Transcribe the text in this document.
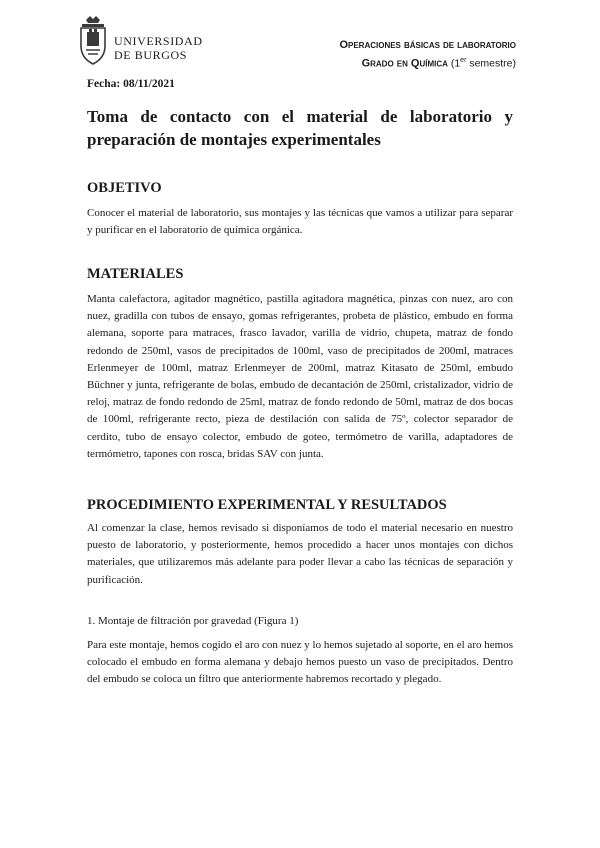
UNIVERSIDAD
DE BURGOS
Operaciones básicas de laboratorio
Grado en Química (1er semestre)
Fecha: 08/11/2021
Toma de contacto con el material de laboratorio y preparación de montajes experimentales
OBJETIVO

Conocer el material de laboratorio, sus montajes y las técnicas que vamos a utilizar para separar y purificar en el laboratorio de química orgánica.

MATERIALES

Manta calefactora, agitador magnético, pastilla agitadora magnética, pinzas con nuez, aro con nuez, gradilla con tubos de ensayo, gomas refrigerantes, probeta de plástico, embudo en forma alemana, soporte para matraces, frasco lavador, varilla de vidrio, chupeta, matraz de fondo redondo de 250ml, vasos de precipitados de 100ml, vaso de precipitados de 200ml, matraces Erlenmeyer de 100ml, matraz Erlenmeyer de 200ml, matraz Kitasato de 250ml, embudo Büchner y junta, refrigerante de bolas, embudo de decantación de 250ml, cristalizador, vidrio de reloj, matraz de fondo redondo de 25ml, matraz de fondo redondo de 50ml, matraz de dos bocas de 100ml, refrigerante recto, pieza de destilación con salida de 75º, colector separador de cerdito, tubo de ensayo colector, embudo de goteo, termómetro de varilla, adaptadores de termómetro, tapones con rosca, bridas SAV con junta.

PROCEDIMIENTO EXPERIMENTAL Y RESULTADOS

Al comenzar la clase, hemos revisado si disponíamos de todo el material necesario en nuestro puesto de laboratorio, y posteriormente, hemos procedido a hacer unos montajes con dichos materiales, que utilizaremos más adelante para poder llevar a cabo las técnicas de separación y purificación.

1. Montaje de filtración por gravedad (Figura 1)

Para este montaje, hemos cogido el aro con nuez y lo hemos sujetado al soporte, en el aro hemos colocado el embudo en forma alemana y debajo hemos puesto un vaso de precipitados. Dentro del embudo se coloca un filtro que anteriormente habremos recortado y plegado.
